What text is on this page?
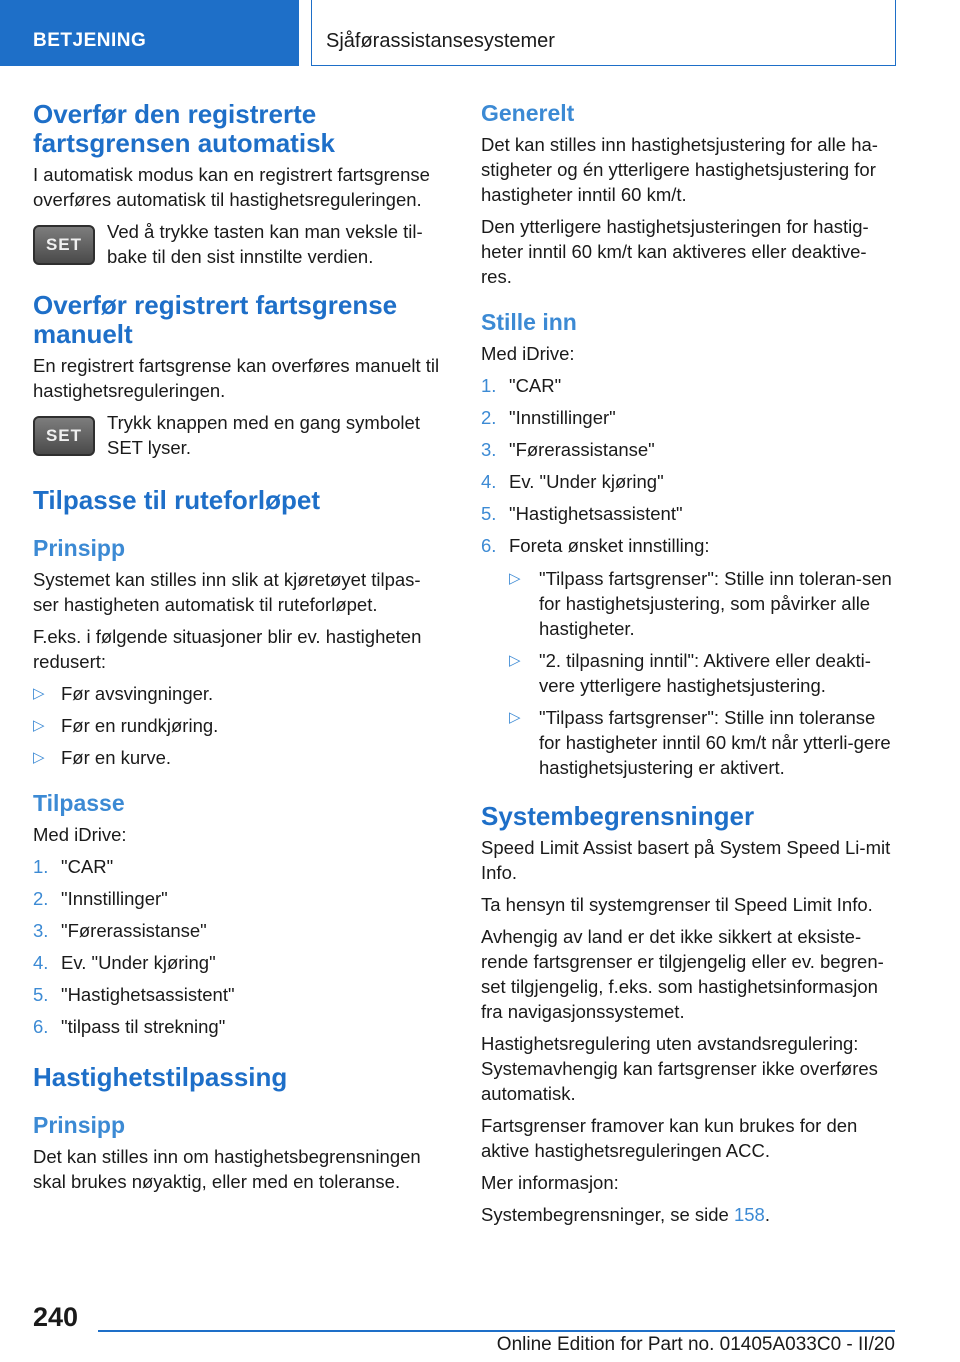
BETJENING	Sjåførassistansesystemer
Overfør den registrerte fartsgrensen automatisk

I automatisk modus kan en registrert fartsgrense overføres automatisk til hastighetsreguleringen.

SET

Ved å trykke tasten kan man veksle til-bake til den sist innstilte verdien.

Overfør registrert fartsgrense manuelt

En registrert fartsgrense kan overføres manuelt til hastighetsreguleringen.

SET

Trykk knappen med en gang symbolet SET lyser.

Tilpasse til ruteforløpet
Prinsipp

Systemet kan stilles inn slik at kjøretøyet tilpas-ser hastigheten automatisk til ruteforløpet.

F.eks. i følgende situasjoner blir ev. hastigheten redusert:

▷ Før avsvingninger.
▷ Før en rundkjøring.
▷ Før en kurve.
Tilpasse

Med iDrive:

1. "CAR"
2. "Innstillinger"
3. "Førerassistanse"
4. Ev. "Under kjøring"
5. "Hastighetsassistent"
6. "tilpass til strekning"
Hastighetstilpassing
Prinsipp

Det kan stilles inn om hastighetsbegrensningen skal brukes nøyaktig, eller med en toleranse.

Generelt

Det kan stilles inn hastighetsjustering for alle ha-stigheter og én ytterligere hastighetsjustering for hastigheter inntil 60 km/t.

Den ytterligere hastighetsjusteringen for hastig-heter inntil 60 km/t kan aktiveres eller deaktive-res.

Stille inn

Med iDrive:

1. "CAR"
2. "Innstillinger"
3. "Førerassistanse"
4. Ev. "Under kjøring"
5. "Hastighetsassistent"
6. Foreta ønsket innstilling:
▷ "Tilpass fartsgrenser": Stille inn toleran-sen for hastighetsjustering, som påvirker alle hastigheter.
▷ "2. tilpasning inntil": Aktivere eller deakti-vere ytterligere hastighetsjustering.
▷ "Tilpass fartsgrenser": Stille inn toleranse for hastigheter inntil 60 km/t når ytterli-gere hastighetsjustering er aktivert.
Systembegrensninger

Speed Limit Assist basert på System Speed Li-mit Info.

Ta hensyn til systemgrenser til Speed Limit Info.

Avhengig av land er det ikke sikkert at eksiste-rende fartsgrenser er tilgjengelig eller ev. begren-set tilgjengelig, f.eks. som hastighetsinformasjon fra navigasjonssystemet.

Hastighetsregulering uten avstandsregulering: Systemavhengig kan fartsgrenser ikke overføres automatisk.

Fartsgrenser framover kan kun brukes for den aktive hastighetsreguleringen ACC.

Mer informasjon:

Systembegrensninger, se side 158.

240
Online Edition for Part no. 01405A033C0 - II/20
